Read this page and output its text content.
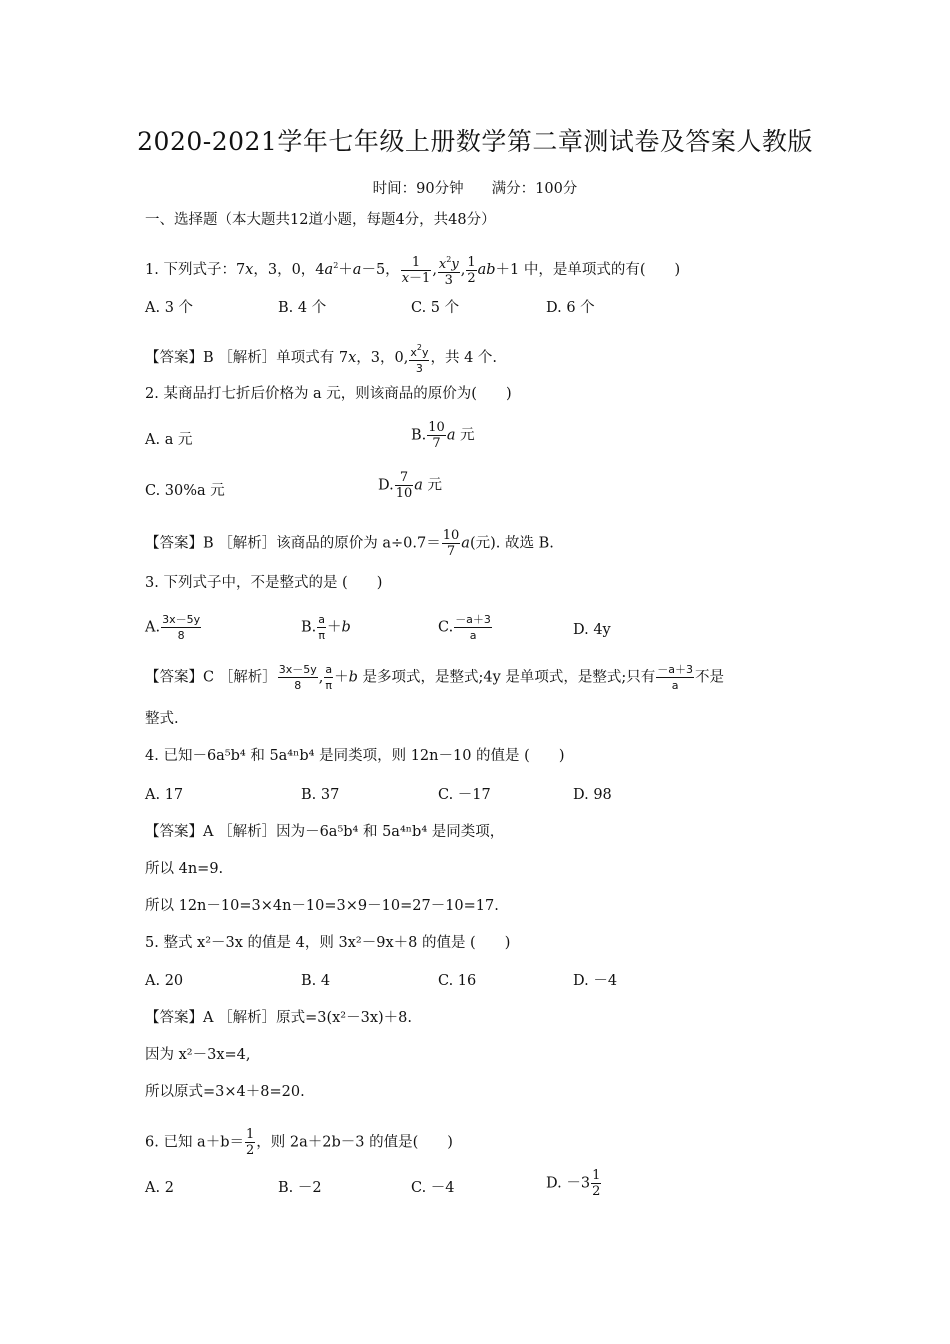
2020-2021学年七年级上册数学第二章测试卷及答案人教版
时间：90分钟 满分：100分
一、选择题（本大题共12道小题，每题4分，共48分）
1. 下列式子：7x，3，0，$4a^2+a-5$， $\frac{1}{x-1}$ , $\frac{x^2y}{3}$ , $\frac{1}{2} ab+1$ 中，是单项式的有(　　)
A. 3 个	B. 4 个	C. 5 个	D. 6 个
【答案】B ［解析］单项式有 7x，3，0, $\frac{x^2y}{3}$ ，共 4 个.
2. 某商品打七折后价格为 a 元，则该商品的原价为(　　)
A. a 元	B. $\frac{10}{7}$ a 元
C. 30%a 元	D. $\frac{7}{10}$ a 元
【答案】B ［解析］该商品的原价为 $a\div 0.7= \frac{10}{7} a$(元). 故选 B.
3. 下列式子中，不是整式的是 (　　)
A. $\frac{3x-5y}{8}$	B. $\frac{a}{\pi} +b$	C. $\frac{-a+3}{a}$	D. 4y
【答案】C ［解析］ $\frac{3x-5y}{8}$ , $\frac{a}{\pi} +b$ 是多项式，是整式;4y 是单项式，是整式;只有 $\frac{-a+3}{a}$ 不是
整式.
4. 已知－6a⁵b⁴ 和 5a⁴ⁿb⁴ 是同类项，则 12n－10 的值是 (　　)
A. 17	B. 37	C. －17	D. 98
【答案】A ［解析］因为－6a⁵b⁴ 和 5a⁴ⁿb⁴ 是同类项，
所以 4n=9.
所以 12n－10=3×4n－10=3×9－10=27－10=17.
5. 整式 x²－3x 的值是 4，则 3x²－9x＋8 的值是 (　　)
A. 20	B. 4	C. 16	D. －4
【答案】A ［解析］原式=3(x²－3x)＋8.
因为 x²－3x=4,
所以原式=3×4＋8=20.
6. 已知 $a+b= \frac{1}{2}$ ，则 2a＋2b－3 的值是(　　)
A. 2	B. －2	C. －4	D. $-3 \frac{1}{2}$
